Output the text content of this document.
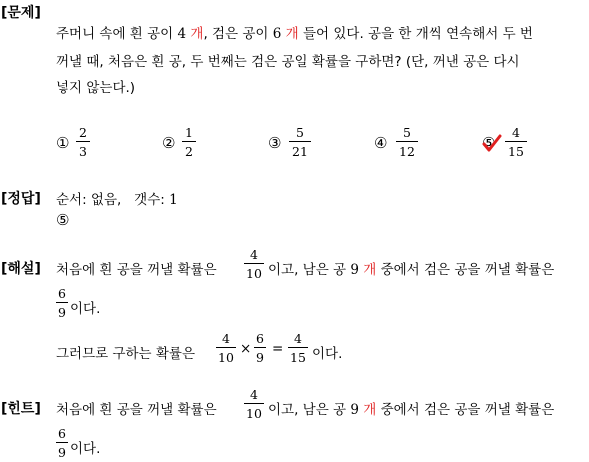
[문제]
주머니 속에 흰 공이 4 개, 검은 공이 6 개 들어 있다. 공을 한 개씩 연속해서 두 번
꺼낼 때, 처음은 흰 공, 두 번째는 검은 공일 확률을 구하면? (단, 꺼낸 공은 다시
넣지 않는다.)
①
2
3	②
1
2	③
5
21	④
5
12	⑤
4
15
[정답] 순서: 없음, 갯수: 1
⑤
[해설] 처음에 흰 공을 꺼낼 확률은
4
10 이고, 남은 공 9 개 중에서 검은 공을 꺼낼 확률은
6
9 이다.
그러므로 구하는 확률은
4
10
×
6
9
=
4
15 이다.
[힌트] 처음에 흰 공을 꺼낼 확률은
4
10 이고, 남은 공 9 개 중에서 검은 공을 꺼낼 확률은
6
9 이다.
